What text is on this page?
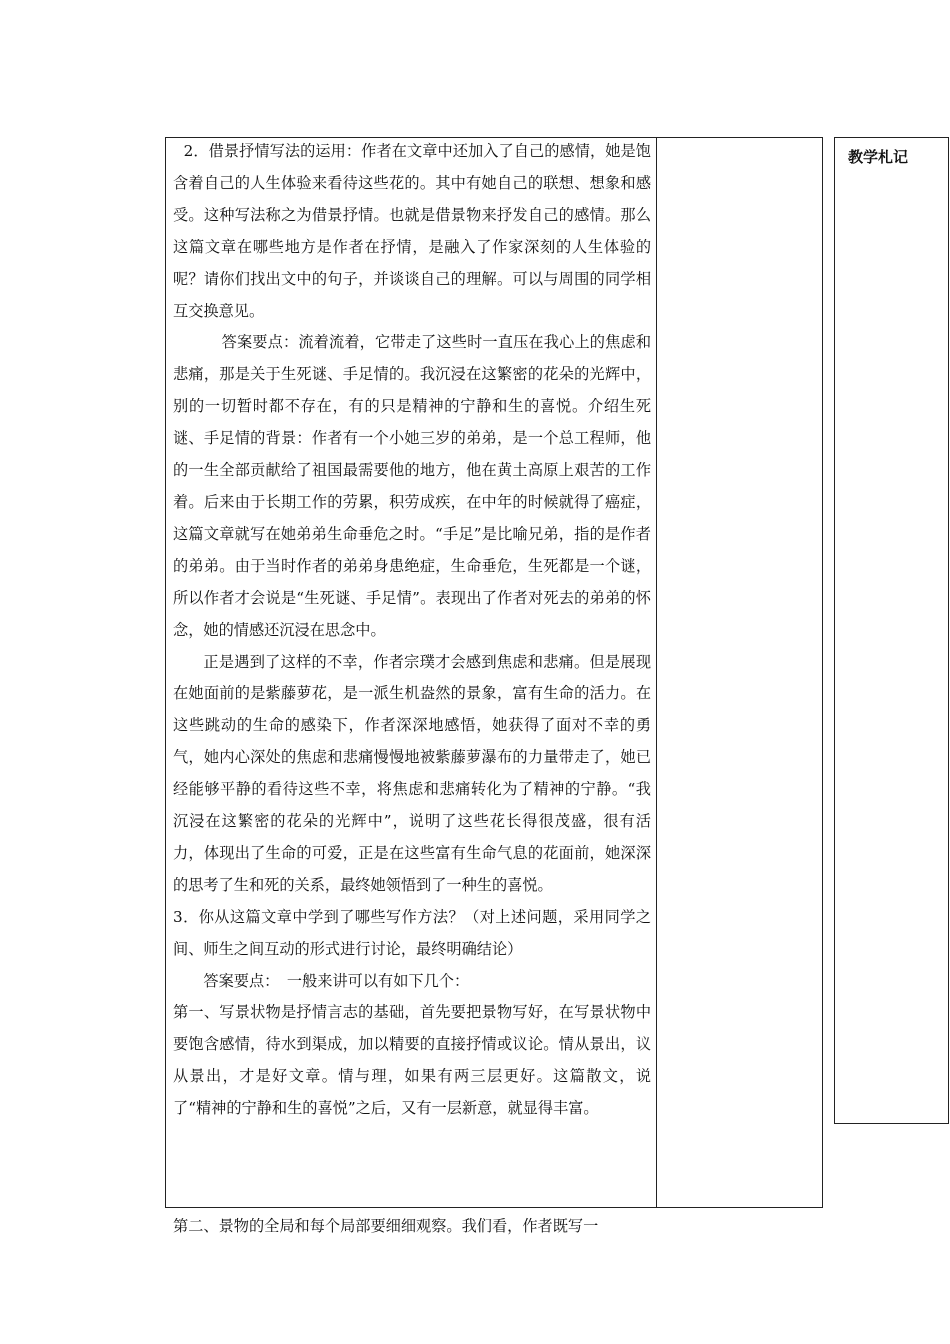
教学札记

2．借景抒情写法的运用：作者在文章中还加入了自己的感情，她是饱含着自己的人生体验来看待这些花的。其中有她自己的联想、想象和感受。这种写法称之为借景抒情。也就是借景物来抒发自己的感情。那么这篇文章在哪些地方是作者在抒情，是融入了作家深刻的人生体验的呢？请你们找出文中的句子，并谈谈自己的理解。可以与周围的同学相互交换意见。

答案要点：流着流着，它带走了这些时一直压在我心上的焦虑和悲痛，那是关于生死谜、手足情的。我沉浸在这繁密的花朵的光辉中，别的一切暂时都不存在，有的只是精神的宁静和生的喜悦。介绍生死谜、手足情的背景：作者有一个小她三岁的弟弟，是一个总工程师，他的一生全部贡献给了祖国最需要他的地方，他在黄土高原上艰苦的工作着。后来由于长期工作的劳累，积劳成疾，在中年的时候就得了癌症，这篇文章就写在她弟弟生命垂危之时。“手足”是比喻兄弟，指的是作者的弟弟。由于当时作者的弟弟身患绝症，生命垂危，生死都是一个谜，所以作者才会说是“生死谜、手足情”。表现出了作者对死去的弟弟的怀念，她的情感还沉浸在思念中。

正是遇到了这样的不幸，作者宗璞才会感到焦虑和悲痛。但是展现在她面前的是紫藤萝花，是一派生机盎然的景象，富有生命的活力。在这些跳动的生命的感染下，作者深深地感悟，她获得了面对不幸的勇气，她内心深处的焦虑和悲痛慢慢地被紫藤萝瀑布的力量带走了，她已经能够平静的看待这些不幸，将焦虑和悲痛转化为了精神的宁静。“我沉浸在这繁密的花朵的光辉中”，说明了这些花长得很茂盛，很有活力，体现出了生命的可爱，正是在这些富有生命气息的花面前，她深深的思考了生和死的关系，最终她领悟到了一种生的喜悦。

3．你从这篇文章中学到了哪些写作方法？（对上述问题，采用同学之间、师生之间互动的形式进行讨论，最终明确结论）

答案要点：　一般来讲可以有如下几个：

第一、写景状物是抒情言志的基础，首先要把景物写好，在写景状物中要饱含感情，待水到渠成，加以精要的直接抒情或议论。情从景出，议从景出，才是好文章。情与理，如果有两三层更好。这篇散文，说了“精神的宁静和生的喜悦”之后，又有一层新意，就显得丰富。

第二、景物的全局和每个局部要细细观察。我们看，作者既写一
